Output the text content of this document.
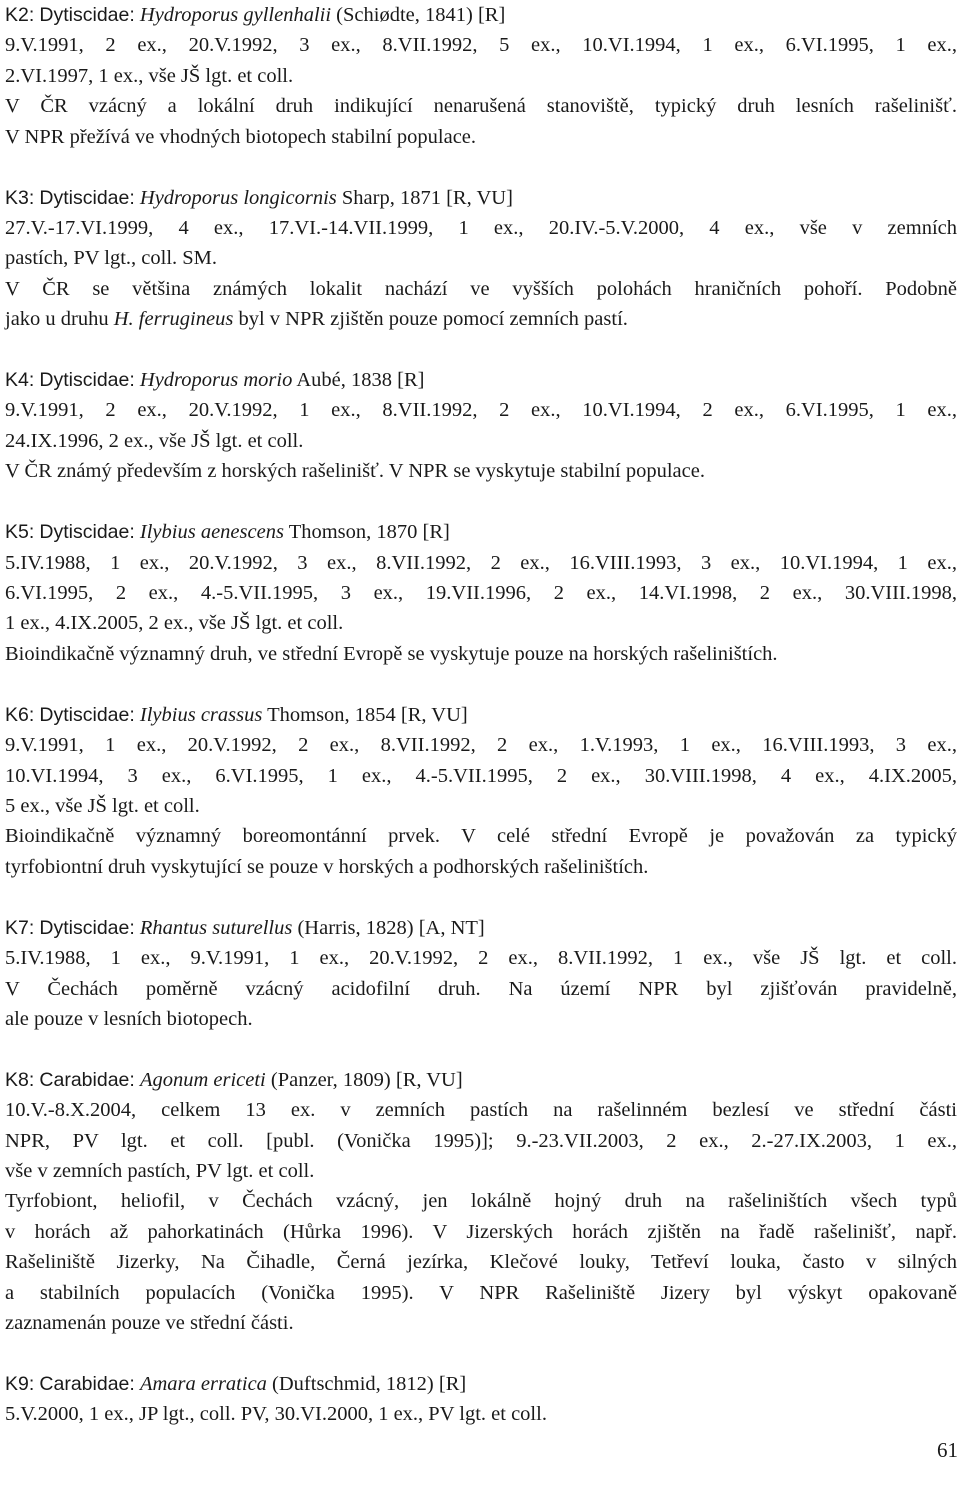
K2: Dytiscidae: Hydroporus gyllenhalii (Schiødte, 1841) [R]
9.V.1991, 2 ex., 20.V.1992, 3 ex., 8.VII.1992, 5 ex., 10.VI.1994, 1 ex., 6.VI.1995, 1 ex.,
2.VI.1997, 1 ex., vše JŠ lgt. et coll.
V ČR vzácný a lokální druh indikující nenarušená stanoviště, typický druh lesních rašelinišť.
V NPR přežívá ve vhodných biotopech stabilní populace.
K3: Dytiscidae: Hydroporus longicornis Sharp, 1871 [R, VU]
27.V.-17.VI.1999, 4 ex., 17.VI.-14.VII.1999, 1 ex., 20.IV.-5.V.2000, 4 ex., vše v zemních
pastích, PV lgt., coll. SM.
V ČR se většina známých lokalit nachází ve vyšších polohách hraničních pohoří. Podobně
jako u druhu H. ferrugineus byl v NPR zjištěn pouze pomocí zemních pastí.
K4: Dytiscidae: Hydroporus morio Aubé, 1838 [R]
9.V.1991, 2 ex., 20.V.1992, 1 ex., 8.VII.1992, 2 ex., 10.VI.1994, 2 ex., 6.VI.1995, 1 ex.,
24.IX.1996, 2 ex., vše JŠ lgt. et coll.
V ČR známý především z horských rašelinišť. V NPR se vyskytuje stabilní populace.
K5: Dytiscidae: Ilybius aenescens Thomson, 1870 [R]
5.IV.1988, 1 ex., 20.V.1992, 3 ex., 8.VII.1992, 2 ex., 16.VIII.1993, 3 ex., 10.VI.1994, 1 ex.,
6.VI.1995, 2 ex., 4.-5.VII.1995, 3 ex., 19.VII.1996, 2 ex., 14.VI.1998, 2 ex., 30.VIII.1998,
1 ex., 4.IX.2005, 2 ex., vše JŠ lgt. et coll.
Bioindikačně významný druh, ve střední Evropě se vyskytuje pouze na horských rašeliništích.
K6: Dytiscidae: Ilybius crassus Thomson, 1854 [R, VU]
9.V.1991, 1 ex., 20.V.1992, 2 ex., 8.VII.1992, 2 ex., 1.V.1993, 1 ex., 16.VIII.1993, 3 ex.,
10.VI.1994, 3 ex., 6.VI.1995, 1 ex., 4.-5.VII.1995, 2 ex., 30.VIII.1998, 4 ex., 4.IX.2005,
5 ex., vše JŠ lgt. et coll.
Bioindikačně významný boreomontánní prvek. V celé střední Evropě je považován za typický
tyrfobiontní druh vyskytující se pouze v horských a podhorských rašeliništích.
K7: Dytiscidae: Rhantus suturellus (Harris, 1828) [A, NT]
5.IV.1988, 1 ex., 9.V.1991, 1 ex., 20.V.1992, 2 ex., 8.VII.1992, 1 ex., vše JŠ lgt. et coll.
V Čechách poměrně vzácný acidofilní druh. Na území NPR byl zjišťován pravidelně,
ale pouze v lesních biotopech.
K8: Carabidae: Agonum ericeti (Panzer, 1809) [R, VU]
10.V.-8.X.2004, celkem 13 ex. v zemních pastích na rašelinném bezlesí ve střední části
NPR, PV lgt. et coll. [publ. (Vonička 1995)]; 9.-23.VII.2003, 2 ex., 2.-27.IX.2003, 1 ex.,
vše v zemních pastích, PV lgt. et coll.
Tyrfobiont, heliofil, v Čechách vzácný, jen lokálně hojný druh na rašeliništích všech typů
v horách až pahorkatinách (Hůrka 1996). V Jizerských horách zjištěn na řadě rašelinišť, např.
Rašeliniště Jizerky, Na Čihadle, Černá jezírka, Klečové louky, Tetřeví louka, často v silných
a stabilních populacích (Vonička 1995). V NPR Rašeliniště Jizery byl výskyt opakovaně
zaznamenán pouze ve střední části.
K9: Carabidae: Amara erratica (Duftschmid, 1812) [R]
5.V.2000, 1 ex., JP lgt., coll. PV, 30.VI.2000, 1 ex., PV lgt. et coll.
61
